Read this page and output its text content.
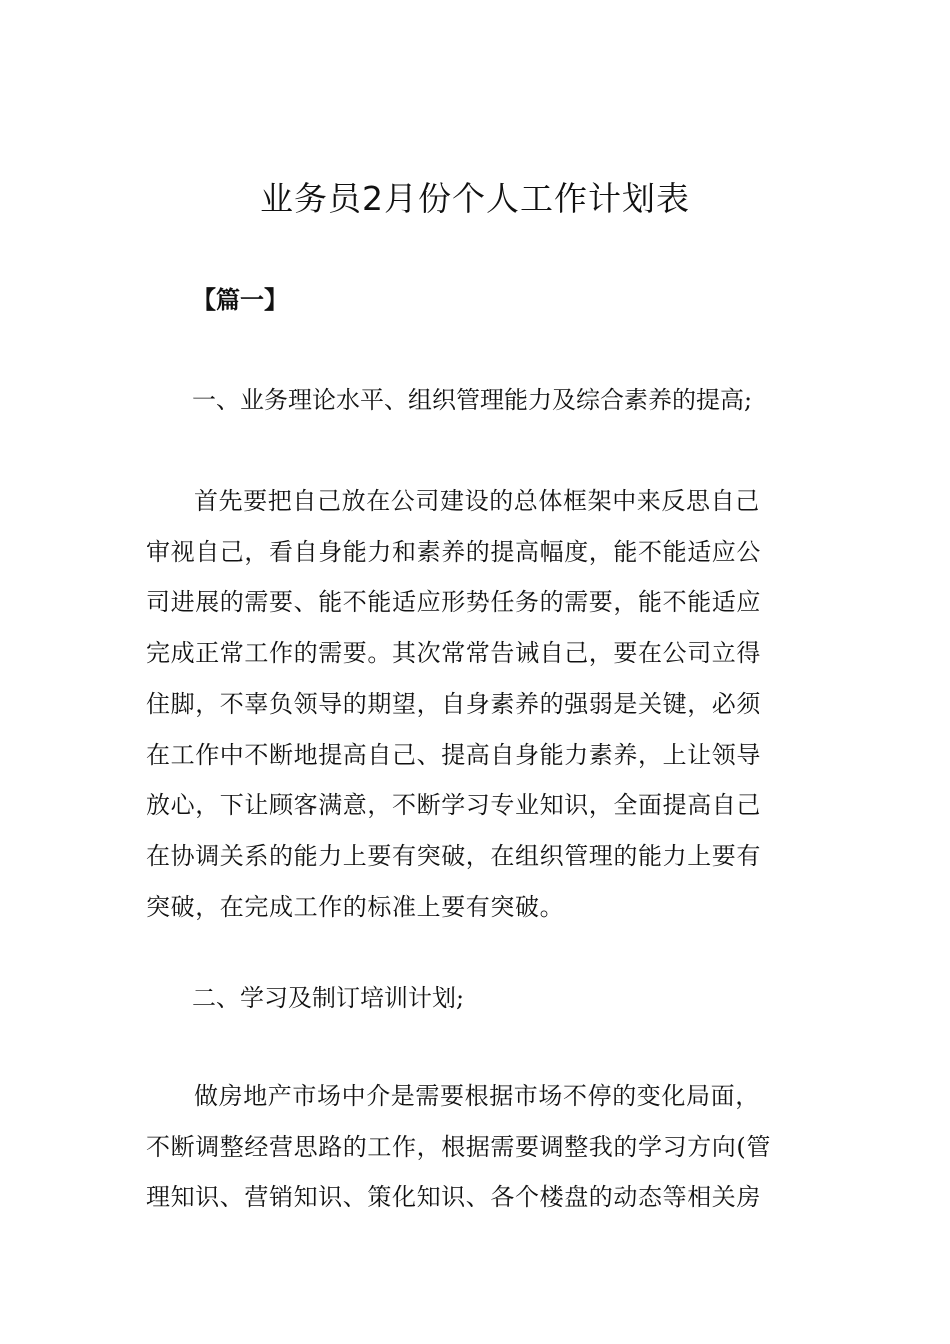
业务员2月份个人工作计划表

【篇一】

一、业务理论水平、组织管理能力及综合素养的提高;

首先要把自己放在公司建设的总体框架中来反思自己
审视自己，看自身能力和素养的提高幅度，能不能适应公
司进展的需要、能不能适应形势任务的需要，能不能适应
完成正常工作的需要。其次常常告诫自己，要在公司立得
住脚，不辜负领导的期望，自身素养的强弱是关键，必须
在工作中不断地提高自己、提高自身能力素养，上让领导
放心，下让顾客满意，不断学习专业知识，全面提高自己
在协调关系的能力上要有突破，在组织管理的能力上要有
突破，在完成工作的标准上要有突破。

二、学习及制订培训计划;

做房地产市场中介是需要根据市场不停的变化局面，
不断调整经营思路的工作，根据需要调整我的学习方向(管
理知识、营销知识、策化知识、各个楼盘的动态等相关房
